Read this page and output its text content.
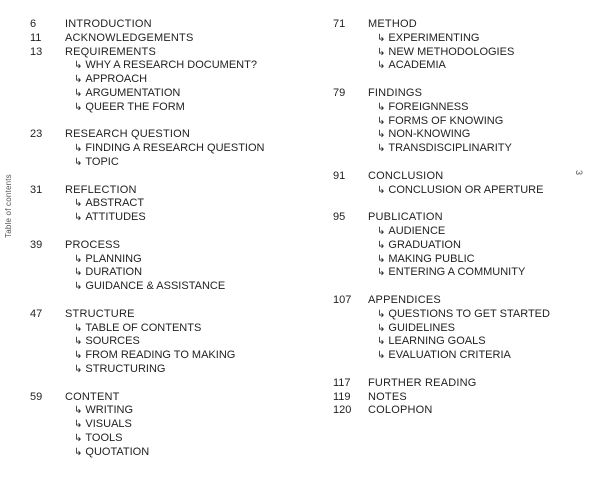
Table of contents
3
6	INTRODUCTION
11	ACKNOWLEDGEMENTS
13	REQUIREMENTS
↳ WHY A RESEARCH DOCUMENT?
↳ APPROACH
↳ ARGUMENTATION
↳ QUEER THE FORM
23	RESEARCH QUESTION
↳ FINDING A RESEARCH QUESTION
↳ TOPIC
31	REFLECTION
↳ ABSTRACT
↳ ATTITUDES
39	PROCESS
↳ PLANNING
↳ DURATION
↳ GUIDANCE & ASSISTANCE
47	STRUCTURE
↳ TABLE OF CONTENTS
↳ SOURCES
↳ FROM READING TO MAKING
↳ STRUCTURING
59	CONTENT
↳ WRITING
↳ VISUALS
↳ TOOLS
↳ QUOTATION
71	METHOD
↳ EXPERIMENTING
↳ NEW METHODOLOGIES
↳ ACADEMIA
79	FINDINGS
↳ FOREIGNNESS
↳ FORMS OF KNOWING
↳ NON-KNOWING
↳ TRANSDISCIPLINARITY
91	CONCLUSION
↳ CONCLUSION OR APERTURE
95	PUBLICATION
↳ AUDIENCE
↳ GRADUATION
↳ MAKING PUBLIC
↳ ENTERING A COMMUNITY
107	APPENDICES
↳ QUESTIONS TO GET STARTED
↳ GUIDELINES
↳ LEARNING GOALS
↳ EVALUATION CRITERIA
117	FURTHER READING
119	NOTES
120	COLOPHON
